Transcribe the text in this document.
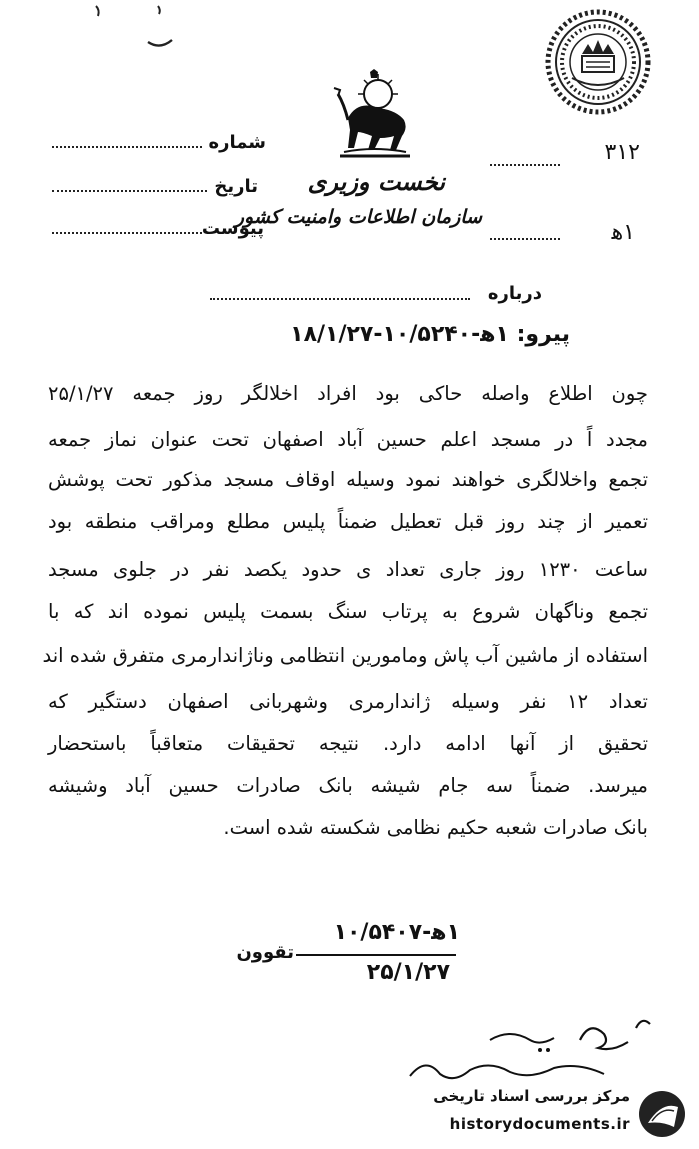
نخست وزیری
سازمان اطلاعات وامنیت کشور
شماره
تاریخ
پیوست
۳۱۲
۱ه‍
درباره
پیرو: ۱ه‍-۱۰/۵۲۴۰-۱۸/۱/۲۷
چون اطلاع واصله حاکی بود افراد اخلالگر روز جمعه ۲۵/۱/۲۷
مجدد اً در مسجد اعلم حسین آباد اصفهان تحت عنوان نماز جمعه
تجمع واخلالگری خواهند نمود وسیله اوقاف مسجد مذکور تحت پوشش
تعمیر از چند روز قبل تعطیل ضمناً پلیس مطلع ومراقب منطقه بود
ساعت ۱۲۳۰ روز جاری تعداد ی حدود یکصد نفر در جلوی مسجد
تجمع وناگهان شروع به پرتاب سنگ بسمت پلیس نموده اند که با
استفاده از ماشین آب پاش ومامورین انتظامی وناژاندارمری متفرق شده اند
تعداد ۱۲ نفر وسیله ژاندارمری وشهربانی اصفهان دستگیر که
تحقیق از آنها ادامه دارد. نتیجه تحقیقات متعاقباً باستحضار
میرسد. ضمناً سه جام شیشه بانک صادرات حسین آباد وشیشه
بانک صادرات شعبه حکیم نظامی شکسته شده است.
۱ه‍-۱۰/۵۴۰۷
تقوون
۲۵/۱/۲۷
مرکز بررسی اسناد تاریخی
historydocuments.ir
